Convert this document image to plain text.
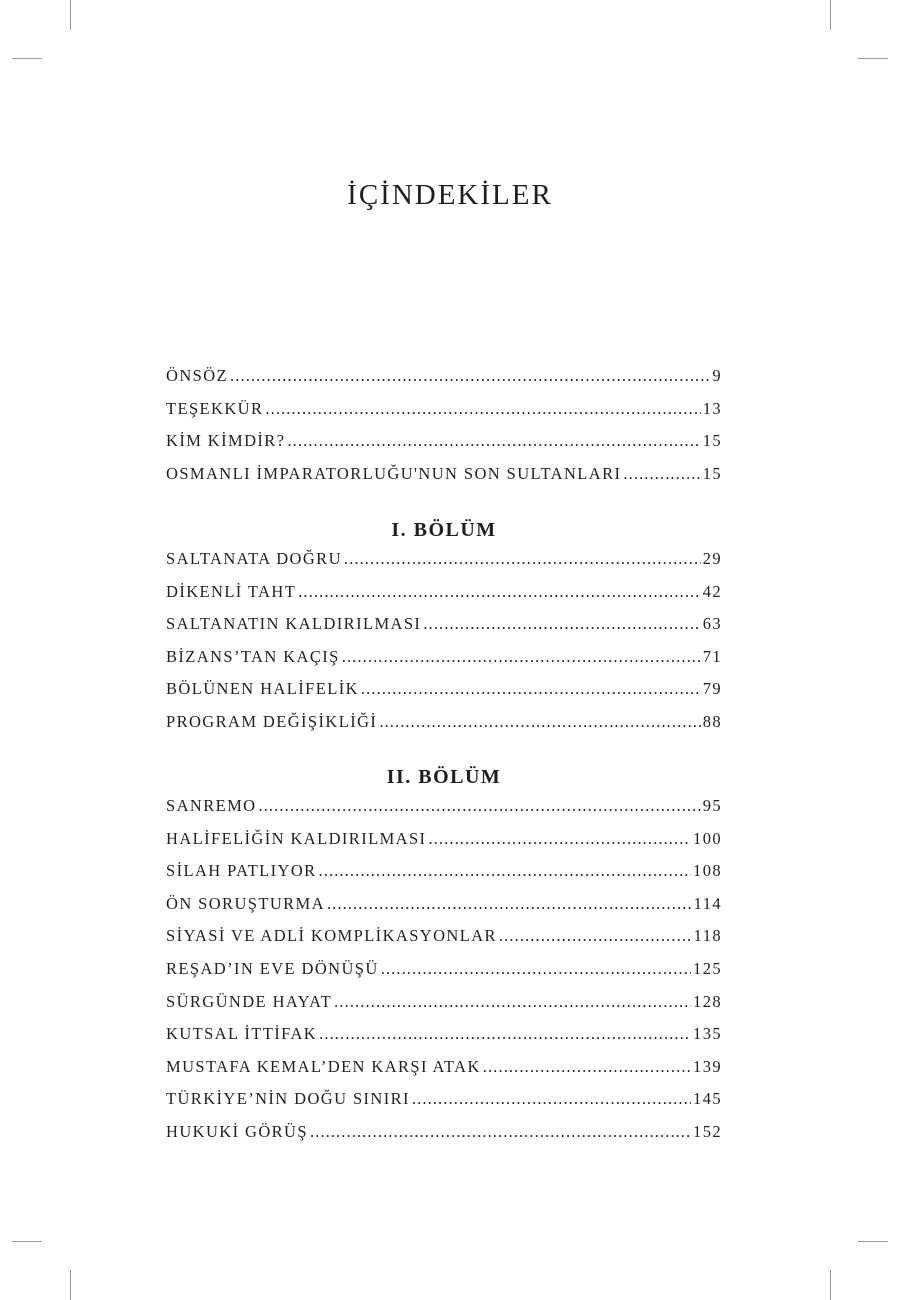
İÇİNDEKİLER
ÖNSÖZ .....	9
TEŞEKKÜR .....	13
KİM KİMDİR? .....	15
OSMANLI İMPARATORLUĞU'NUN SON SULTANLARI .....	15
I. BÖLÜM
SALTANATA DOĞRU .....	29
DİKENLİ TAHT .....	42
SALTANATIN KALDIRILMASI .....	63
BİZANS’TAN KAÇIŞ .....	71
BÖLÜNEN HALİFELİK .....	79
PROGRAM DEĞİŞİKLİĞİ .....	88
II. BÖLÜM
SANREMO .....	95
HALİFELİĞİN KALDIRILMASI .....	100
SİLAH PATLIYOR .....	108
ÖN SORUŞTURMA .....	114
SİYASİ VE ADLİ KOMPLİKASYONLAR .....	118
REŞAD’IN EVE DÖNÜŞÜ .....	125
SÜRGÜNDE HAYAT .....	128
KUTSAL İTTİFAK .....	135
MUSTAFA KEMAL’DEN KARŞI ATAK .....	139
TÜRKİYE’NİN DOĞU SINIRI .....	145
HUKUKİ GÖRÜŞ .....	152
